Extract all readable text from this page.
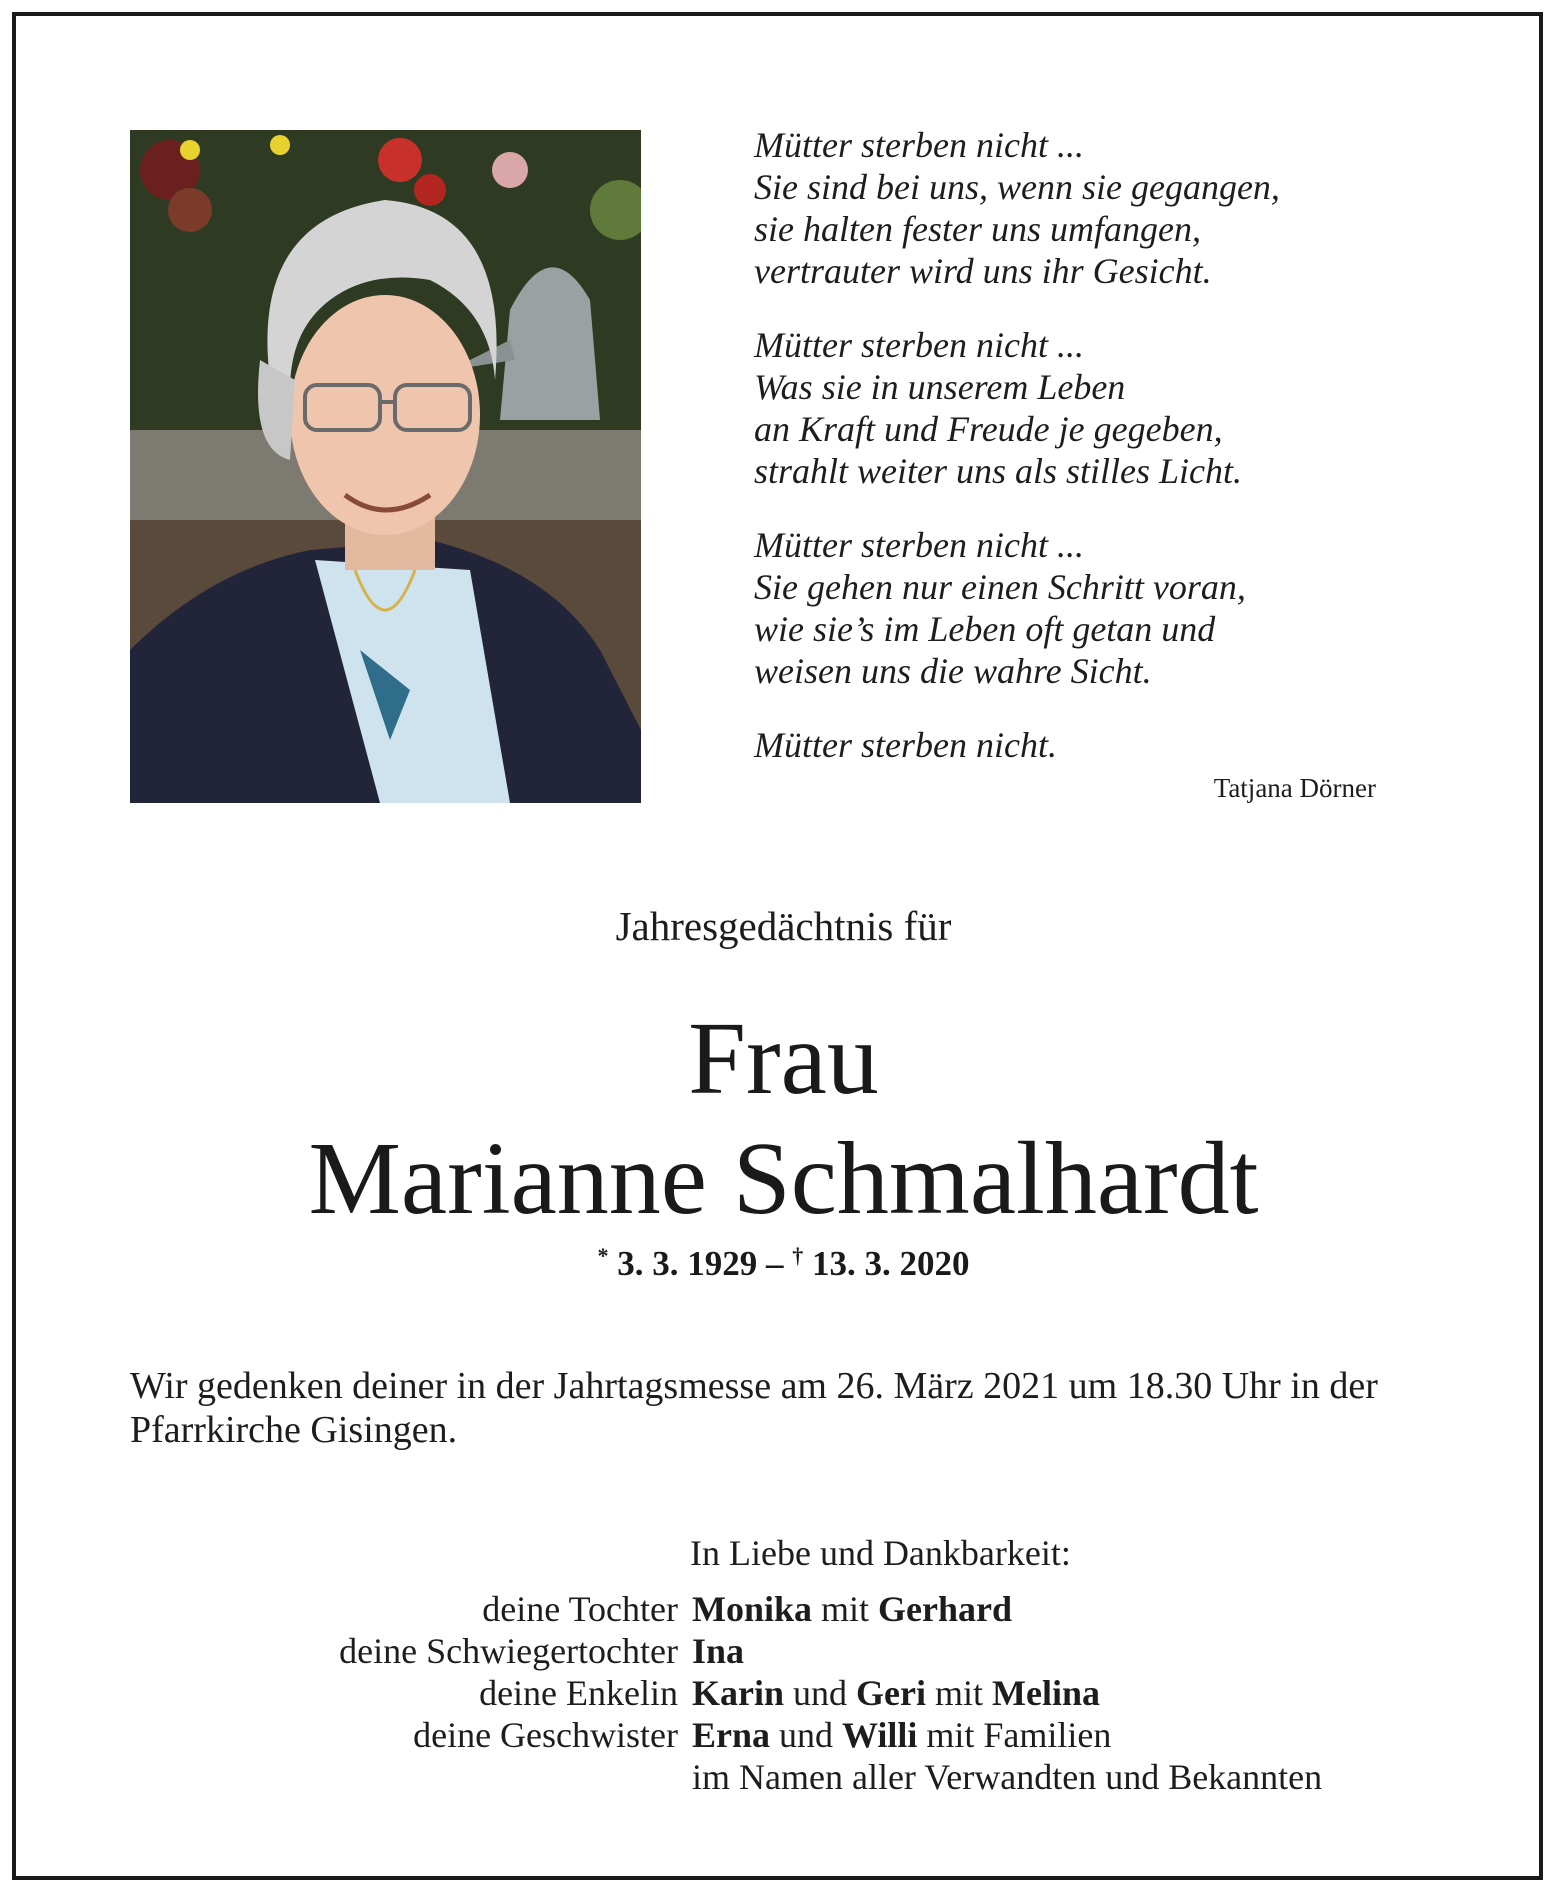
Mütter sterben nicht ...
Sie sind bei uns, wenn sie gegangen,
sie halten fester uns umfangen,
vertrauter wird uns ihr Gesicht.
Mütter sterben nicht ...
Was sie in unserem Leben
an Kraft und Freude je gegeben,
strahlt weiter uns als stilles Licht.
Mütter sterben nicht ...
Sie gehen nur einen Schritt voran,
wie sie’s im Leben oft getan und
weisen uns die wahre Sicht.
Mütter sterben nicht.
Tatjana Dörner
Jahresgedächtnis für
Frau
Marianne Schmalhardt
* 3. 3. 1929 – † 13. 3. 2020
Wir gedenken deiner in der Jahrtagsmesse am 26. März 2021 um 18.30 Uhr in der Pfarrkirche Gisingen.
In Liebe und Dankbarkeit:
deine Tochter Monika mit Gerhard
deine Schwiegertochter Ina
deine Enkelin Karin und Geri mit Melina
deine Geschwister Erna und Willi mit Familien
im Namen aller Verwandten und Bekannten
